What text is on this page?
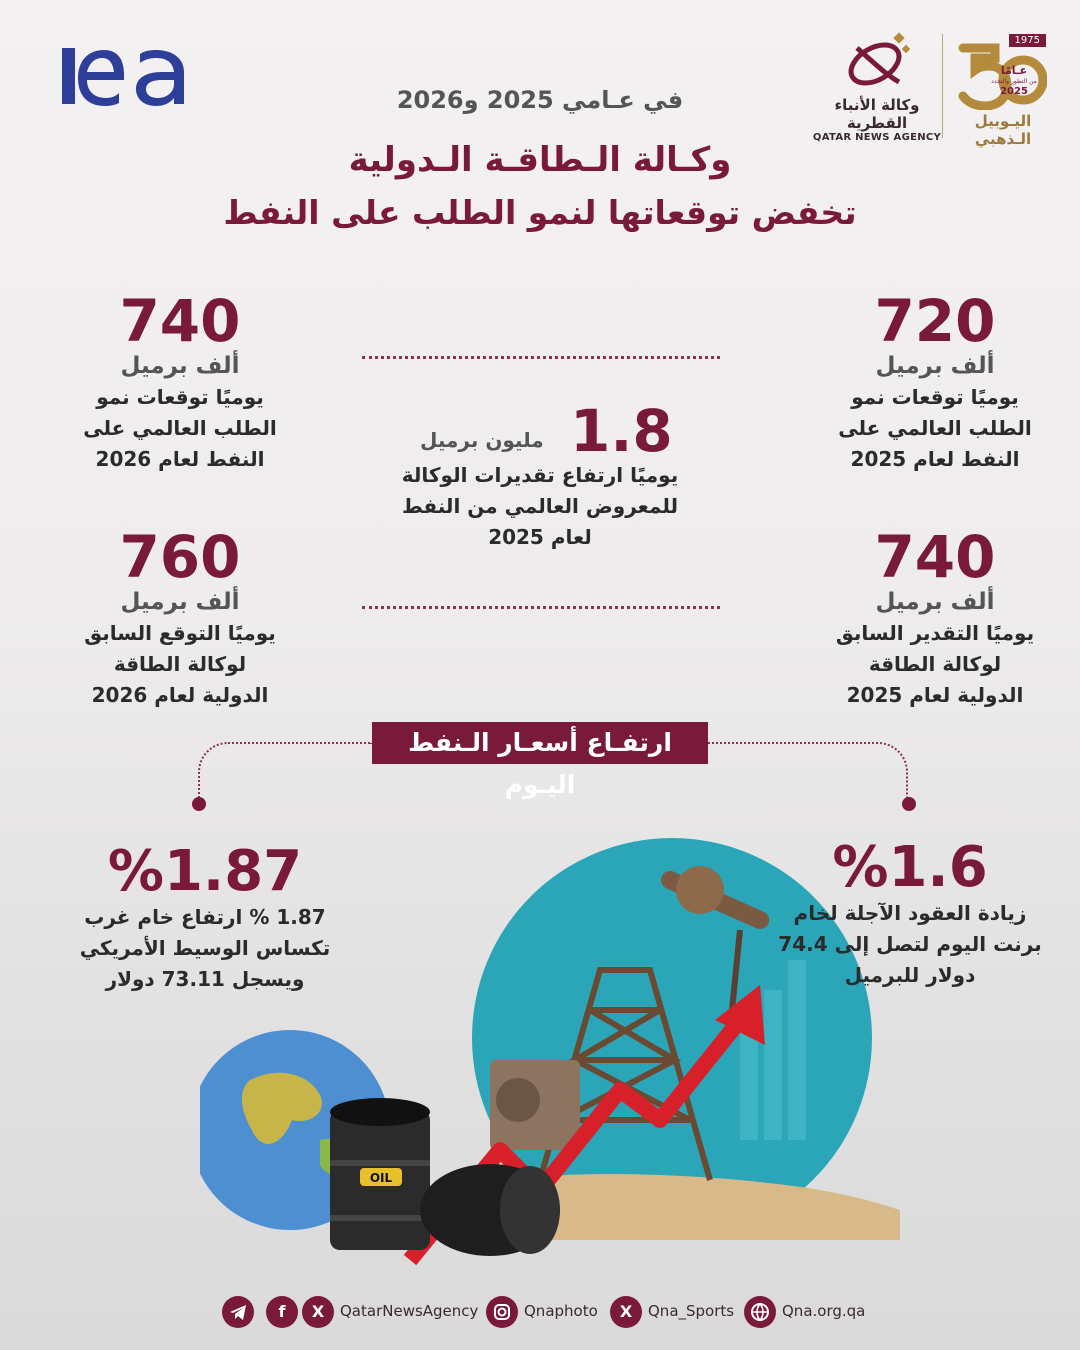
وكالة الأنباء القطرية
QATAR NEWS AGENCY
1975
عـامًا
من التطور والتجدد
2025
اليـوبيل الـذهبي
في عـامي 2025 و2026
وكـالة الـطاقـة الـدولية
تخفض توقعاتها لنمو الطلب على النفط
720
ألف برميل
يوميًا توقعات نمو
الطلب العالمي على
النفط لعام 2025
740
ألف برميل
يوميًا التقدير السابق
لوكالة الطاقة
الدولية لعام 2025
740
ألف برميل
يوميًا توقعات نمو
الطلب العالمي على
النفط لعام 2026
760
ألف برميل
يوميًا التوقع السابق
لوكالة الطاقة
الدولية لعام 2026
1.8
مليون برميل
يوميًا ارتفاع تقديرات الوكالة
للمعروض العالمي من النفط
لعام 2025
ارتفـاع أسعـار الـنفط اليـوم
OIL
%1.87
1.87 % ارتفاع خام غرب
تكساس الوسيط الأمريكي
ويسجل 73.11 دولار
%1.6
زيادة العقود الآجلة لخام
برنت اليوم لتصل إلى 74.4
دولار للبرميل
f	X	QatarNewsAgency	Qnaphoto	X	Qna_Sports	Qna.org.qa
